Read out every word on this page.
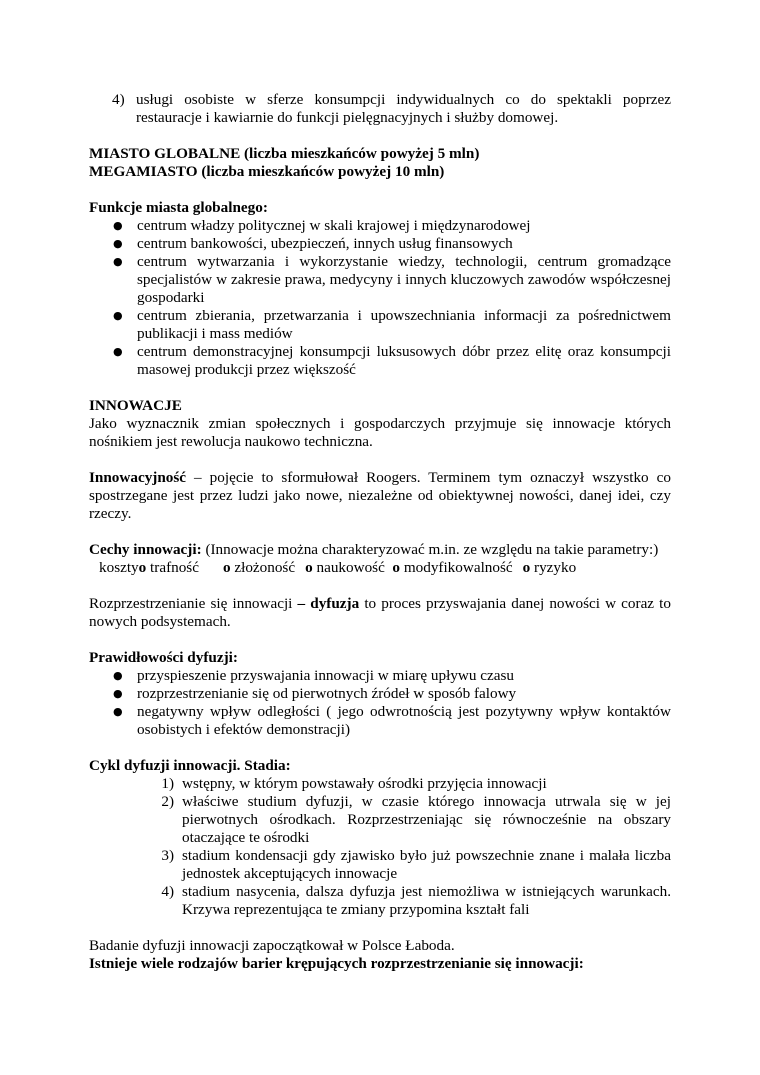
4) usługi osobiste w sferze konsumpcji indywidualnych co do spektakli poprzez restauracje i kawiarnie do funkcji pielęgnacyjnych i służby domowej.

MIASTO GLOBALNE (liczba mieszkańców powyżej 5 mln)

MEGAMIASTO (liczba mieszkańców powyżej 10 mln)

Funkcje miasta globalnego:

● centrum władzy politycznej w skali krajowej i międzynarodowej
● centrum bankowości, ubezpieczeń, innych usług finansowych
● centrum wytwarzania i wykorzystanie wiedzy, technologii, centrum gromadzące specjalistów w zakresie prawa, medycyny i innych kluczowych zawodów współczesnej gospodarki
● centrum zbierania, przetwarzania i upowszechniania informacji za pośrednictwem publikacji i mass mediów
● centrum demonstracyjnej konsumpcji luksusowych dóbr przez elitę oraz konsumpcji masowej produkcji przez większość

INNOWACJE

Jako wyznacznik zmian społecznych i gospodarczych przyjmuje się innowacje których nośnikiem jest rewolucja naukowo techniczna.

Innowacyjność – pojęcie to sformułował Roogers. Terminem tym oznaczył wszystko co spostrzegane jest przez ludzi jako nowe, niezależne od obiektywnej nowości, danej idei, czy rzeczy.

Cechy innowacji: (Innowacje można charakteryzować m.in. ze względu na takie parametry:)

kosztyo trafność o złożoność o naukowość o modyfikowalność o ryzyko

Rozprzestrzenianie się innowacji – dyfuzja to proces przyswajania danej nowości w coraz to nowych podsystemach.

Prawidłowości dyfuzji:

● przyspieszenie przyswajania innowacji w miarę upływu czasu
● rozprzestrzenianie się od pierwotnych źródeł w sposób falowy
● negatywny wpływ odległości ( jego odwrotnością jest pozytywny wpływ kontaktów osobistych i efektów demonstracji)

Cykl dyfuzji innowacji. Stadia:

1) wstępny, w którym powstawały ośrodki przyjęcia innowacji
2) właściwe studium dyfuzji, w czasie którego innowacja utrwala się w jej pierwotnych ośrodkach. Rozprzestrzeniając się równocześnie na obszary otaczające te ośrodki
3) stadium kondensacji gdy zjawisko było już powszechnie znane i malała liczba jednostek akceptujących innowacje
4) stadium nasycenia, dalsza dyfuzja jest niemożliwa w istniejących warunkach. Krzywa reprezentująca te zmiany przypomina kształt fali

Badanie dyfuzji innowacji zapoczątkował w Polsce Łaboda.

Istnieje wiele rodzajów barier krępujących rozprzestrzenianie się innowacji:
